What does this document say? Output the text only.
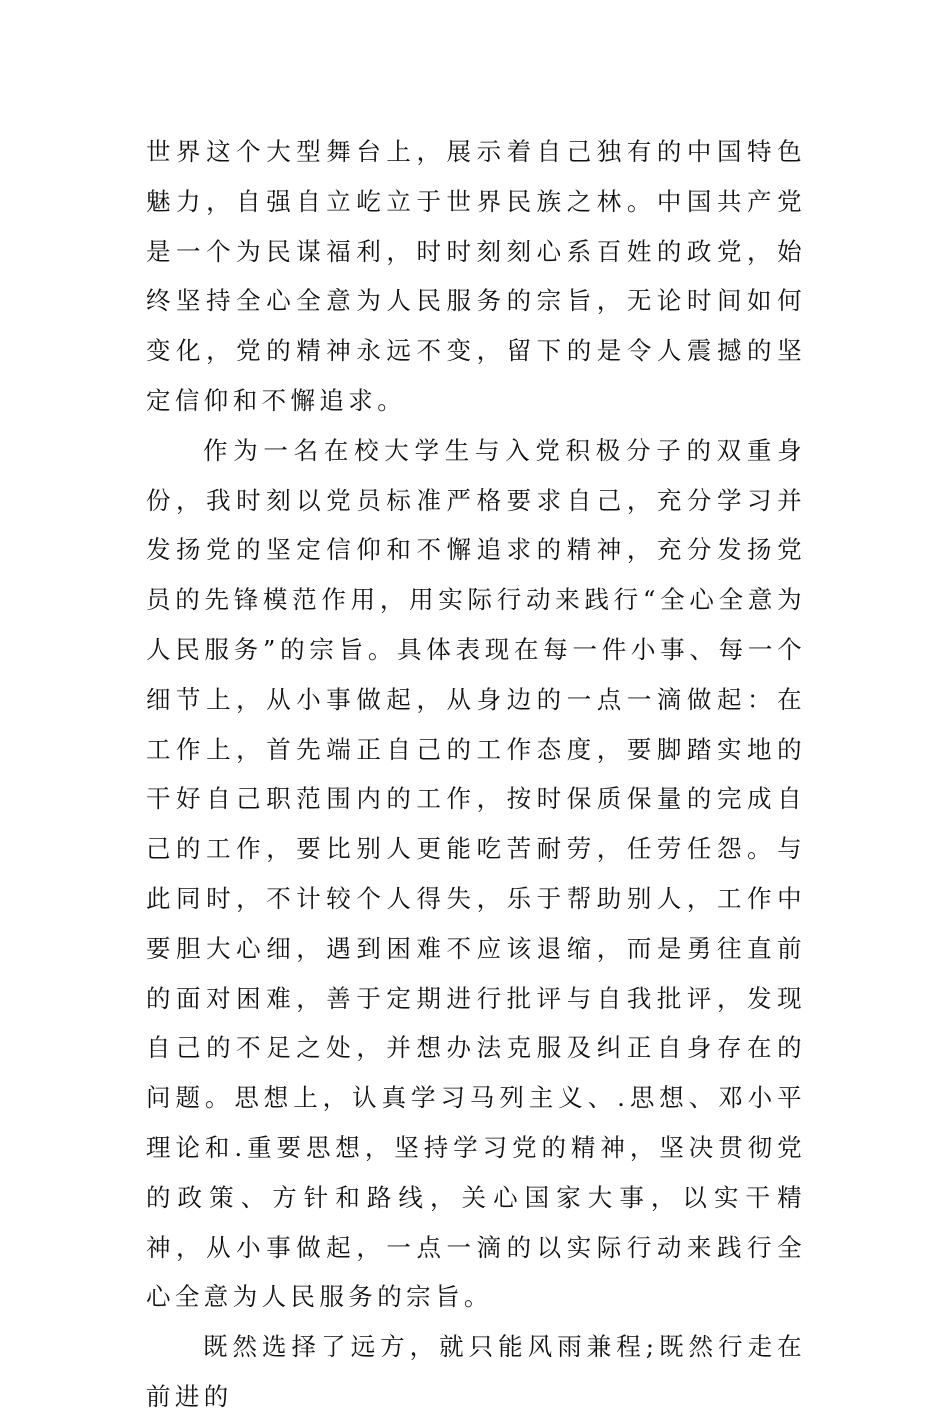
世界这个大型舞台上，展示着自己独有的中国特色魅力，自强自立屹立于世界民族之林。中国共产党是一个为民谋福利，时时刻刻心系百姓的政党，始终坚持全心全意为人民服务的宗旨，无论时间如何变化，党的精神永远不变，留下的是令人震撼的坚定信仰和不懈追求。

作为一名在校大学生与入党积极分子的双重身份，我时刻以党员标准严格要求自己，充分学习并发扬党的坚定信仰和不懈追求的精神，充分发扬党员的先锋模范作用，用实际行动来践行“全心全意为人民服务”的宗旨。具体表现在每一件小事、每一个细节上，从小事做起，从身边的一点一滴做起：在工作上，首先端正自己的工作态度，要脚踏实地的干好自己职范围内的工作，按时保质保量的完成自己的工作，要比别人更能吃苦耐劳，任劳任怨。与此同时，不计较个人得失，乐于帮助别人，工作中要胆大心细，遇到困难不应该退缩，而是勇往直前的面对困难，善于定期进行批评与自我批评，发现自己的不足之处，并想办法克服及纠正自身存在的问题。思想上，认真学习马列主义、.思想、邓小平理论和.重要思想，坚持学习党的精神，坚决贯彻党的政策、方针和路线，关心国家大事，以实干精神，从小事做起，一点一滴的以实际行动来践行全心全意为人民服务的宗旨。

既然选择了远方，就只能风雨兼程;既然行走在前进的
